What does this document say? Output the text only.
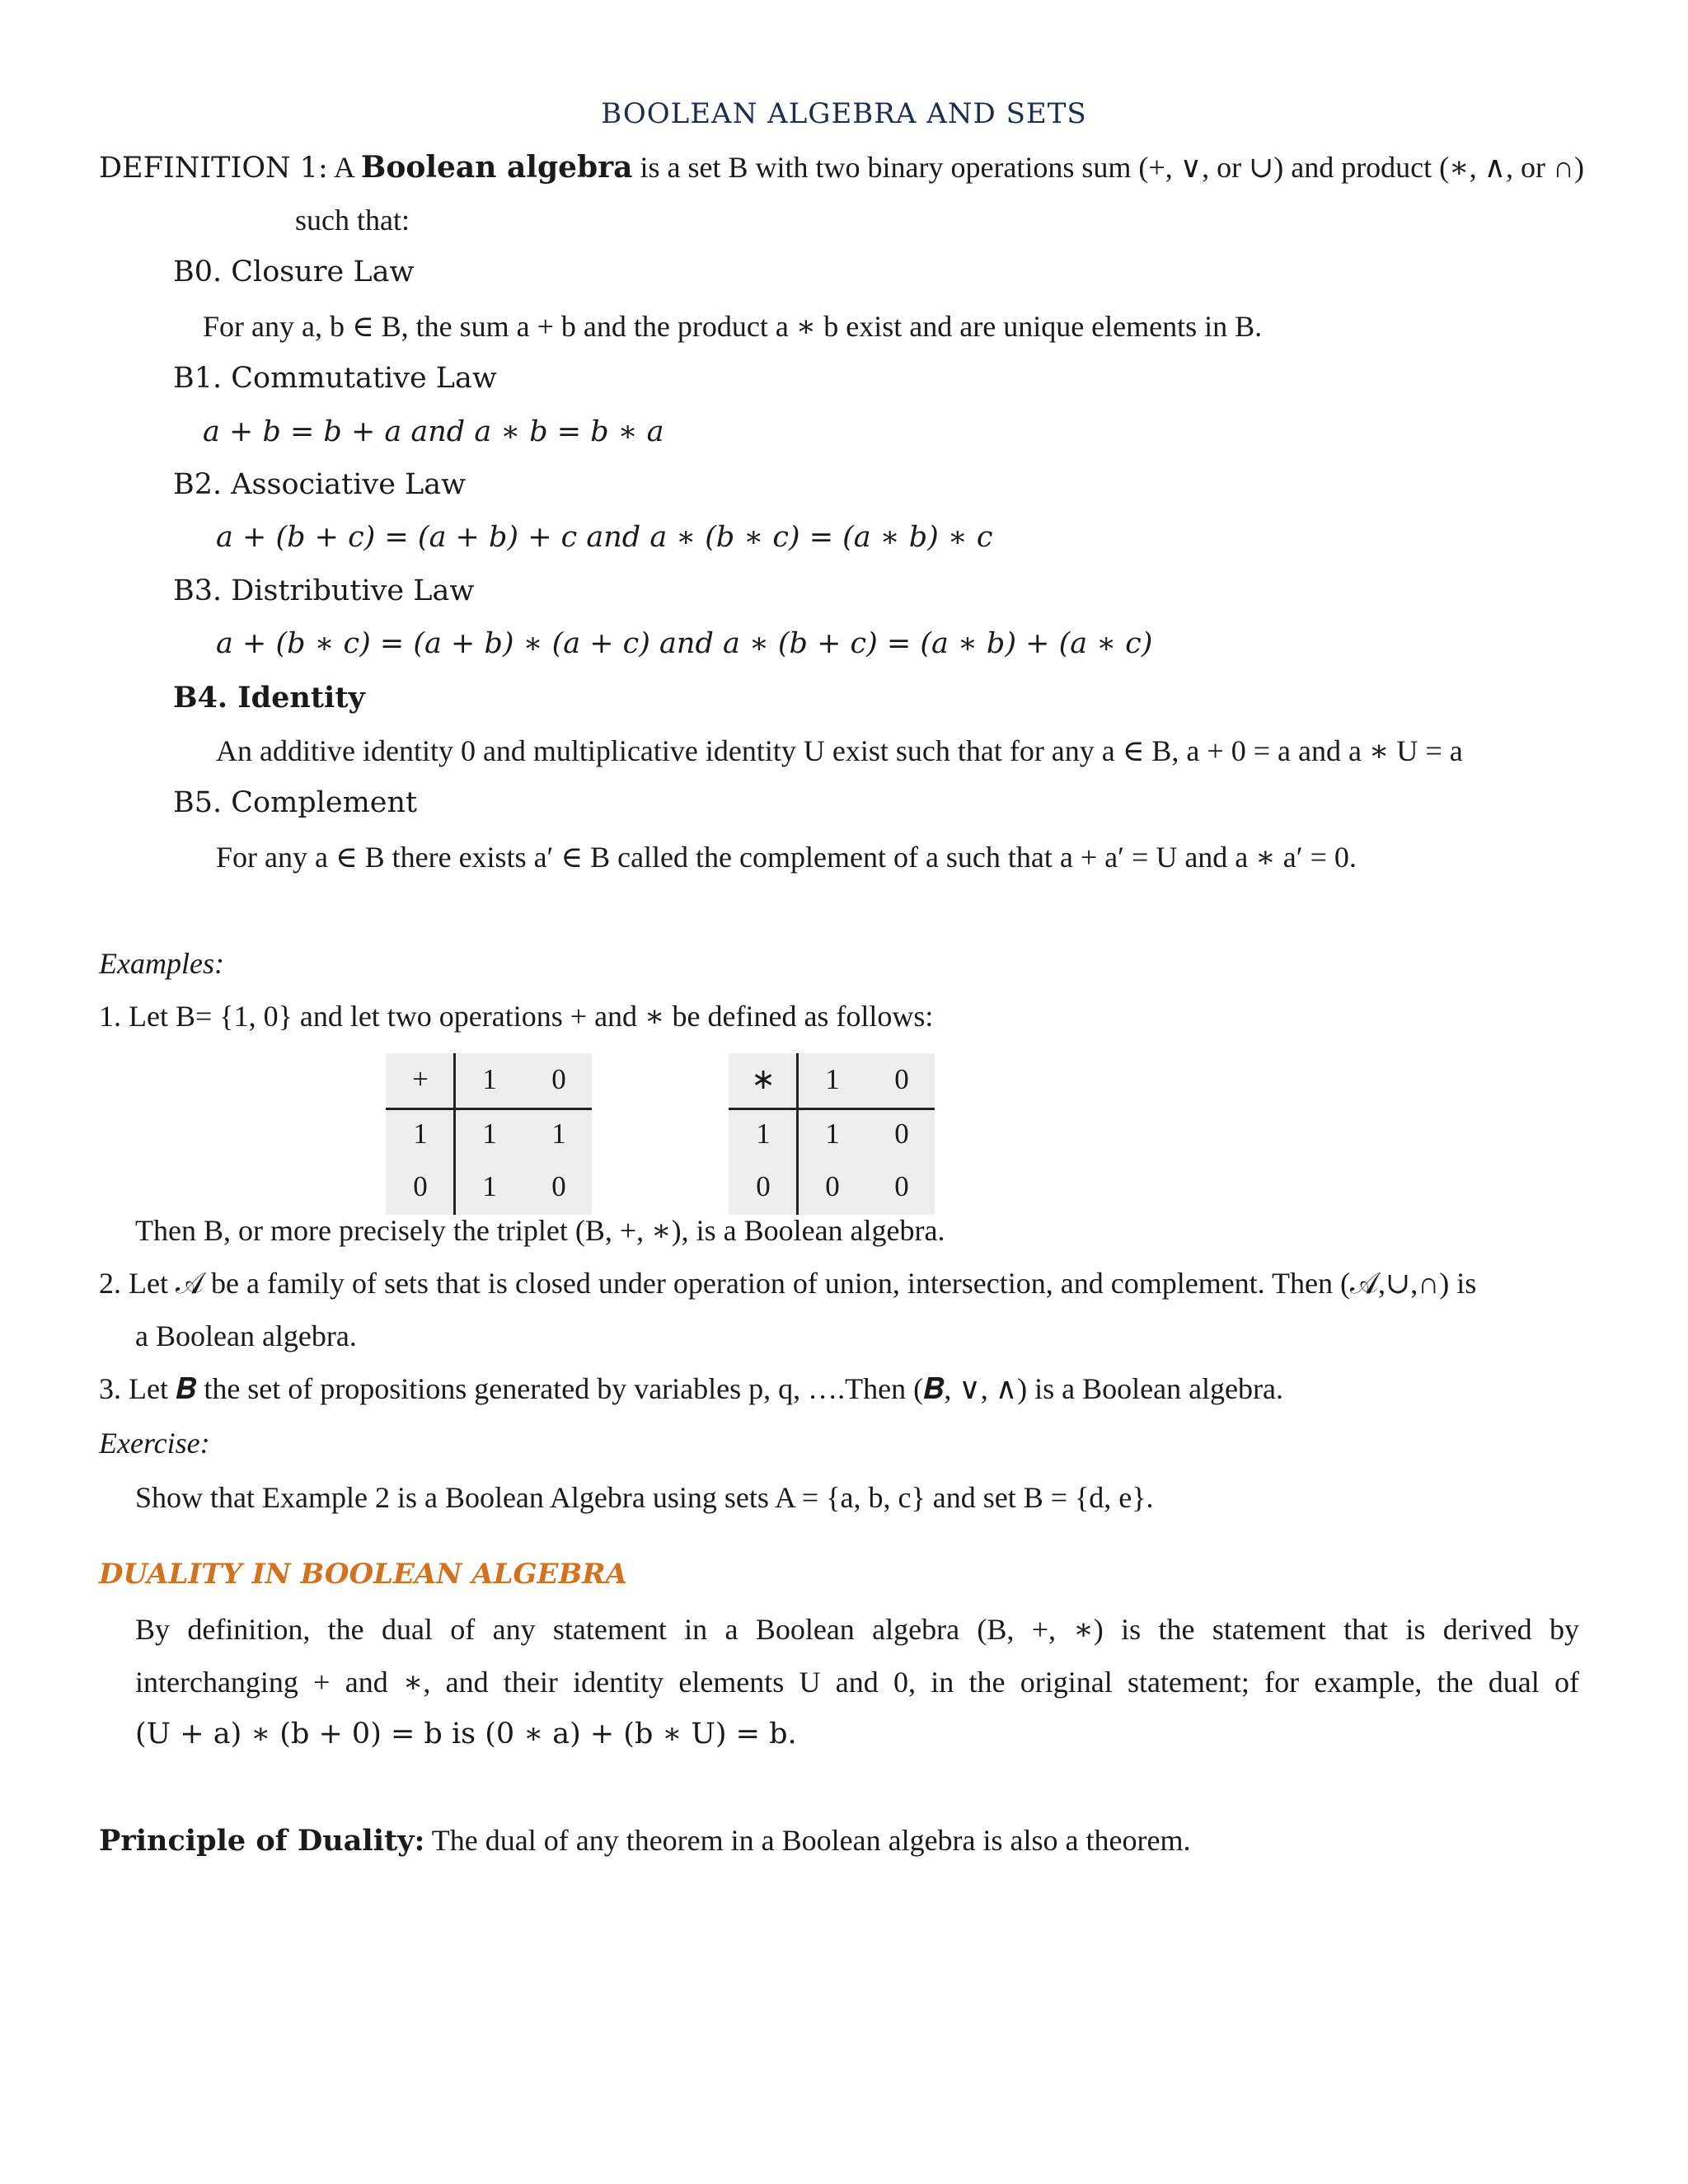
BOOLEAN ALGEBRA AND SETS
DEFINITION 1: A Boolean algebra is a set B with two binary operations sum (+, ∨, or ∪) and product (∗, ∧, or ∩)
such that:
B0. Closure Law
For any a, b ∈ B, the sum a + b and the product a ∗ b exist and are unique elements in B.
B1. Commutative Law
a + b = b + a and a ∗ b = b ∗ a
B2. Associative Law
a + (b + c) = (a + b) + c and a ∗ (b ∗ c) = (a ∗ b) ∗ c
B3. Distributive Law
a + (b ∗ c) = (a + b) ∗ (a + c) and a ∗ (b + c) = (a ∗ b) + (a ∗ c)
B4. Identity
An additive identity 0 and multiplicative identity U exist such that for any a ∈ B, a + 0 = a and a ∗ U = a
B5. Complement
For any a ∈ B there exists a′ ∈ B called the complement of a such that a + a′ = U and a ∗ a′ = 0.
Examples:
1. Let B= {1, 0} and let two operations + and ∗ be defined as follows:
+	1	0
1	1	1
0	1	0
∗	1	0
1	1	0
0	0	0
Then B, or more precisely the triplet (B, +, ∗), is a Boolean algebra.
2. Let 𝒜 be a family of sets that is closed under operation of union, intersection, and complement. Then (𝒜,∪,∩) is
a Boolean algebra.
3. Let 𝑩 the set of propositions generated by variables p, q, ….Then (𝑩, ∨, ∧) is a Boolean algebra.
Exercise:
Show that Example 2 is a Boolean Algebra using sets A = {a, b, c} and set B = {d, e}.
DUALITY IN BOOLEAN ALGEBRA
By definition, the dual of any statement in a Boolean algebra (B, +, ∗) is the statement that is derived by
interchanging + and ∗, and their identity elements U and 0, in the original statement; for example, the dual of
(U + a) ∗ (b + 0) = b is (0 ∗ a) + (b ∗ U) = b.
Principle of Duality: The dual of any theorem in a Boolean algebra is also a theorem.
